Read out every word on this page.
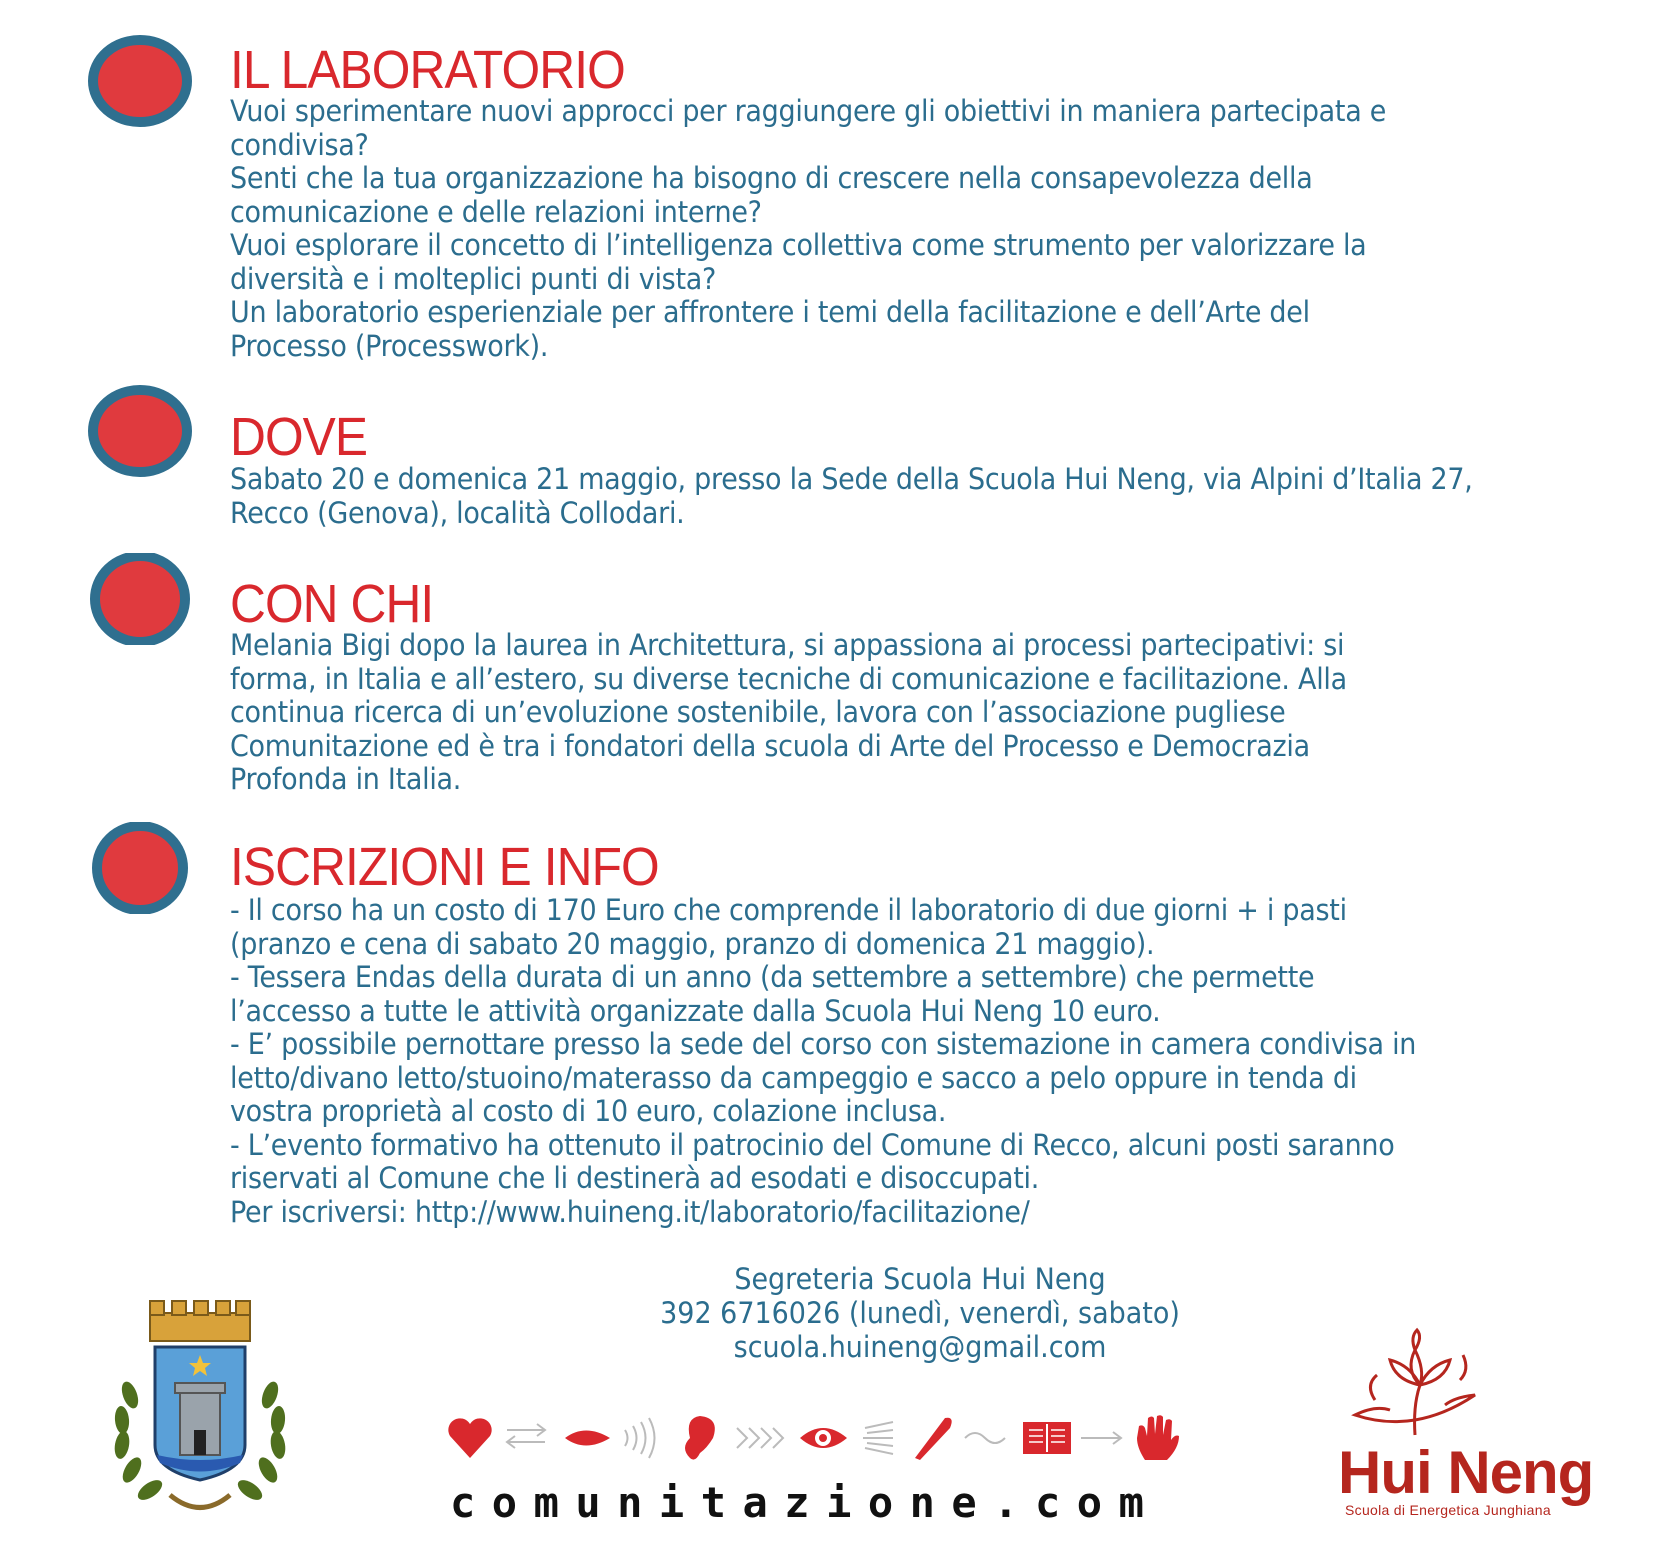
IL LABORATORIO

Vuoi sperimentare nuovi approcci per raggiungere gli obiettivi in maniera partecipata e

condivisa?

Senti che la tua organizzazione ha bisogno di crescere nella consapevolezza della

comunicazione e delle relazioni interne?

Vuoi esplorare il concetto di l’intelligenza collettiva come strumento per valorizzare la

diversità e i molteplici punti di vista?

Un laboratorio esperienziale per affrontere i temi della facilitazione e dell’Arte del

Processo (Processwork).

DOVE

Sabato 20 e domenica 21 maggio, presso la Sede della Scuola Hui Neng, via Alpini d’Italia 27,

Recco (Genova), località Collodari.

CON CHI

Melania Bigi dopo la laurea in Architettura, si appassiona ai processi partecipativi: si

forma, in Italia e all’estero, su diverse tecniche di comunicazione e facilitazione. Alla

continua ricerca di un’evoluzione sostenibile, lavora con l’associazione pugliese

Comunitazione ed è tra i fondatori della scuola di Arte del Processo e Democrazia

Profonda in Italia.

ISCRIZIONI E INFO

- Il corso ha un costo di 170 Euro che comprende il laboratorio di due giorni + i pasti

(pranzo e cena di sabato 20 maggio, pranzo di domenica 21 maggio).

- Tessera Endas della durata di un anno (da settembre a settembre) che permette

l’accesso a tutte le attività organizzate dalla Scuola Hui Neng 10 euro.

- E’ possibile pernottare presso la sede del corso con sistemazione in camera condivisa in

letto/divano letto/stuoino/materasso da campeggio e sacco a pelo oppure in tenda di

vostra proprietà al costo di 10 euro, colazione inclusa.

- L’evento formativo ha ottenuto il patrocinio del Comune di Recco, alcuni posti saranno

riservati al Comune che li destinerà ad esodati e disoccupati.

Per iscriversi: http://www.huineng.it/laboratorio/facilitazione/

Segreteria Scuola Hui Neng

392 6716026 (lunedì, venerdì, sabato)

scuola.huineng@gmail.com

comunitazione.com	Hui Neng
Scuola di Energetica Junghiana
